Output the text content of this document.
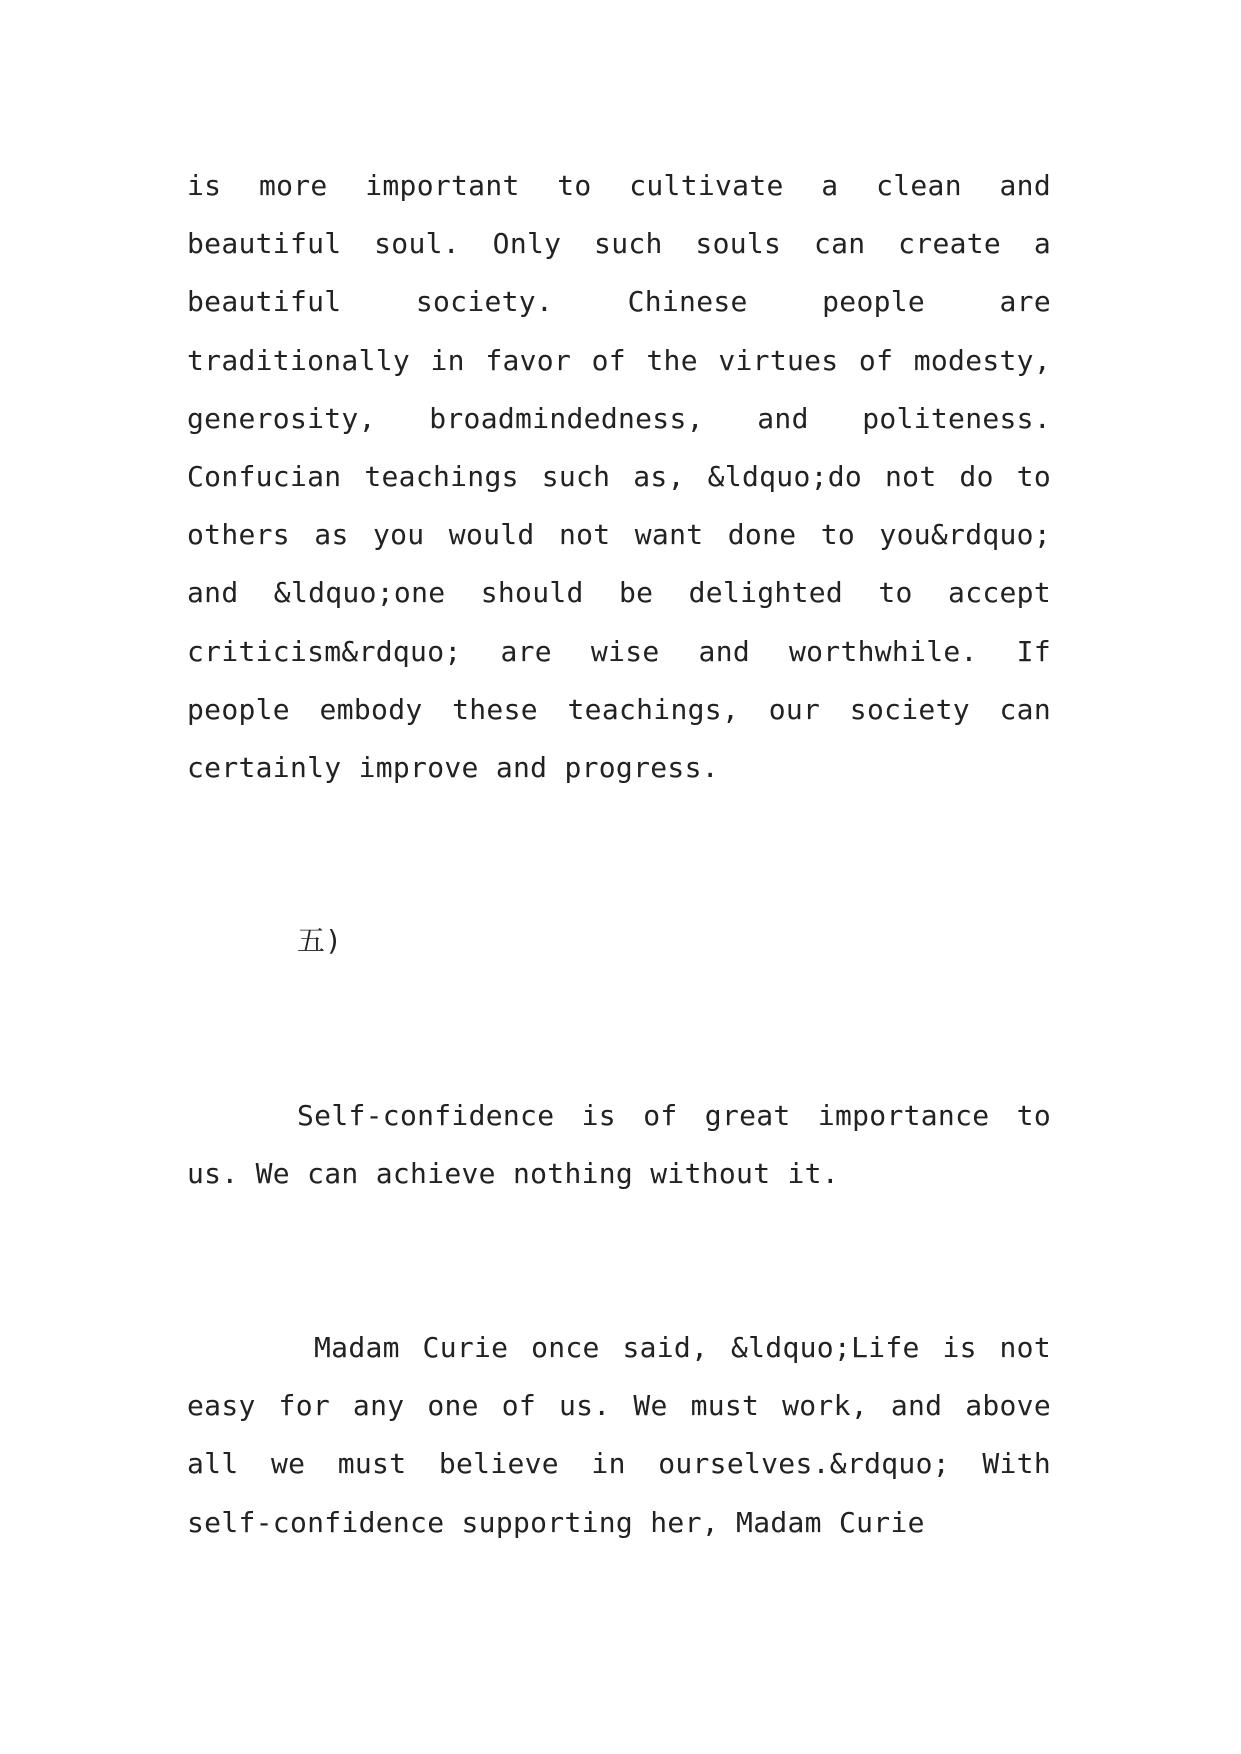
is more important to cultivate a clean and beautiful soul. Only such souls can create a beautiful society. Chinese people are traditionally in favor of the virtues of modesty, generosity, broadmindedness, and politeness. Confucian teachings such as, &ldquo;do not do to others as you would not want done to you&rdquo; and &ldquo;one should be delighted to accept criticism&rdquo; are wise and worthwhile. If people embody these teachings, our society can certainly improve and progress.

五)

Self-confidence is of great importance to us. We can achieve nothing without it.

Madam Curie once said, &ldquo;Life is not easy for any one of us. We must work, and above all we must believe in ourselves.&rdquo; With self-confidence supporting her, Madam Curie
